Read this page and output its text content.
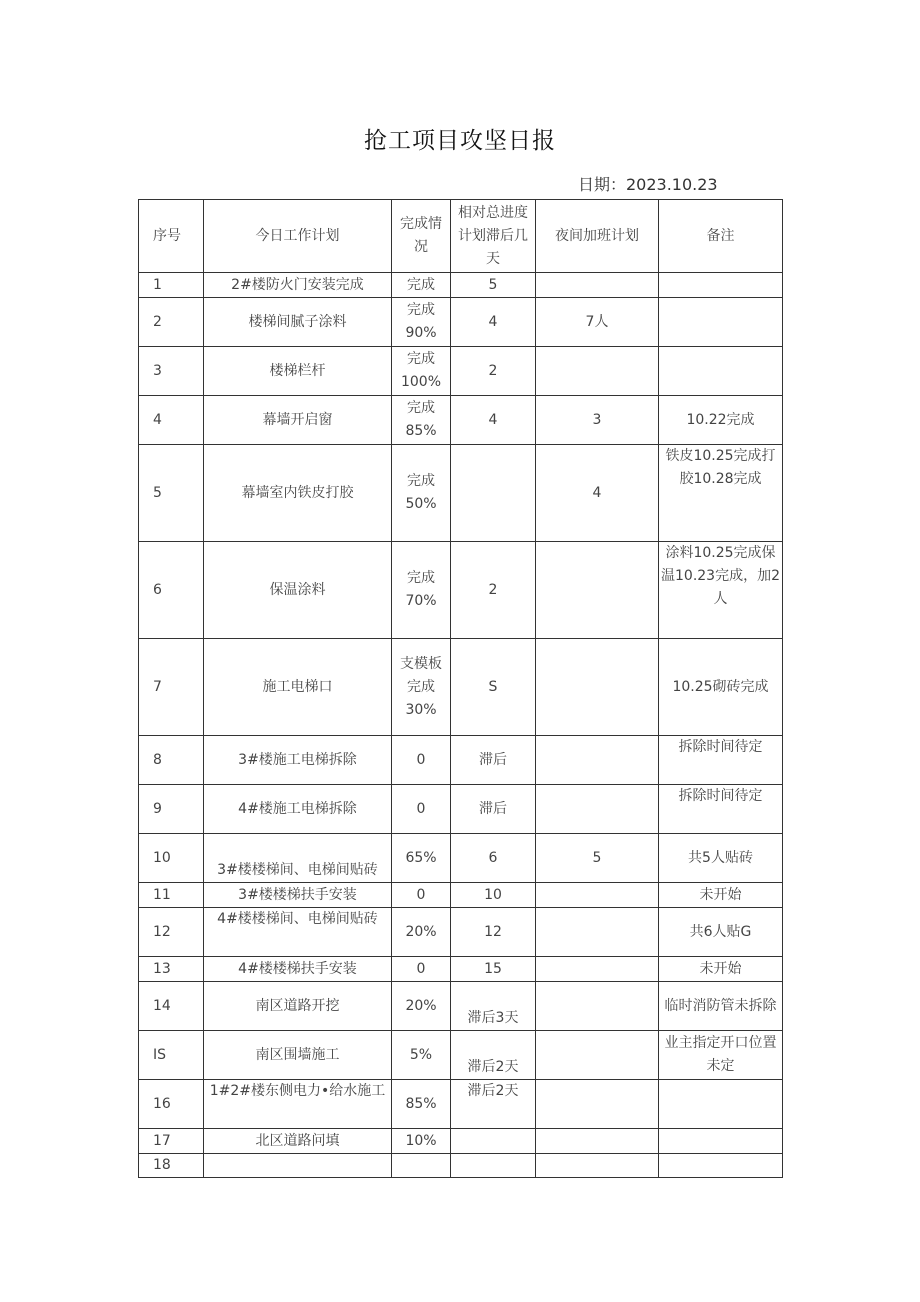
抢工项目攻坚日报
日期：2023.10.23
序号	今日工作计划	完成情况	相对总进度计划滞后几天	夜间加班计划	备注
1	2#楼防火门安装完成	完成	5		
2	楼梯间腻子涂料	完成90%	4	7人	
3	楼梯栏杆	完成100%	2		
4	幕墙开启窗	完成85%	4	3	10.22完成
5	幕墙室内铁皮打胶	完成50%		4	铁皮10.25完成打胶10.28完成
6	保温涂料	完成70%	2		涂料10.25完成保温10.23完成，加2人
7	施工电梯口	支模板完成30%	S		10.25砌砖完成
8	3#楼施工电梯拆除	0	滞后		拆除时间待定
9	4#楼施工电梯拆除	0	滞后		拆除时间待定
10	3#楼楼梯间、电梯间贴砖	65%	6	5	共5人贴砖
11	3#楼楼梯扶手安装	0	10		未开始
12	4#楼楼梯间、电梯间贴砖	20%	12		共6人贴G
13	4#楼楼梯扶手安装	0	15		未开始
14	南区道路开挖	20%	滞后3天		临时消防管未拆除
IS	南区围墙施工	5%	滞后2天		业主指定开口位置未定
16	1#2#楼东侧电力•给水施工	85%	滞后2天		
17	北区道路问填	10%			
18					
